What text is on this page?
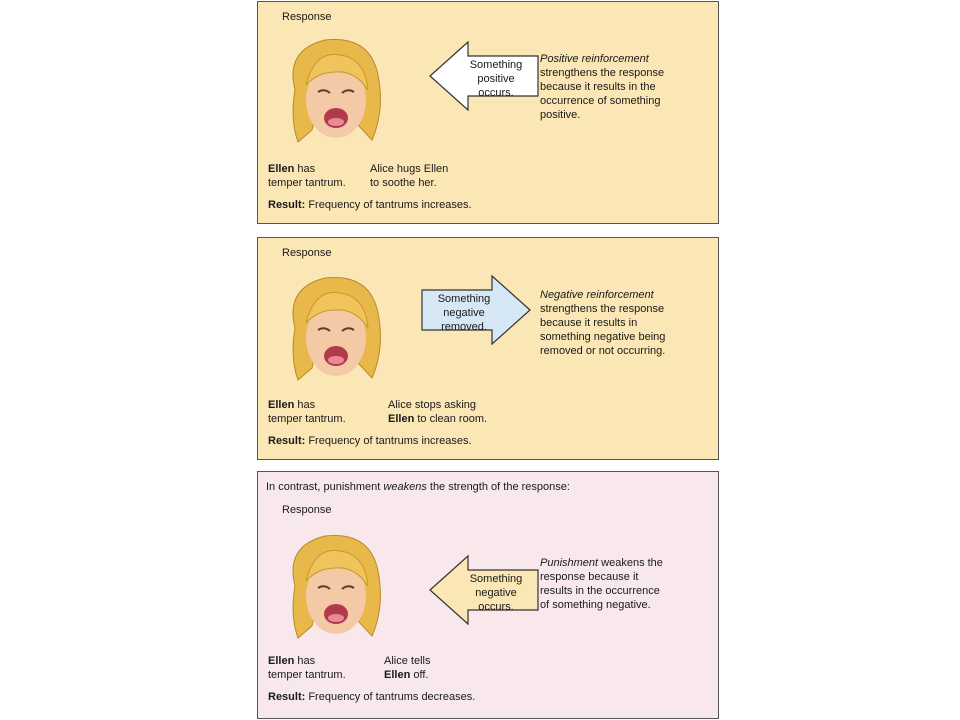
Response
Something
positive
occurs.
Positive reinforcement
strengthens the response
because it results in the
occurrence of something
positive.
Ellen has
temper tantrum.
Alice hugs Ellen
to soothe her.
Result: Frequency of tantrums increases.
Response
Something
negative
removed.
Negative reinforcement
strengthens the response
because it results in
something negative being
removed or not occurring.
Ellen has
temper tantrum.
Alice stops asking
Ellen to clean room.
Result: Frequency of tantrums increases.
In contrast, punishment weakens the strength of the response:
Response
Something
negative
occurs.
Punishment weakens the
response because it
results in the occurrence
of something negative.
Ellen has
temper tantrum.
Alice tells
Ellen off.
Result: Frequency of tantrums decreases.
